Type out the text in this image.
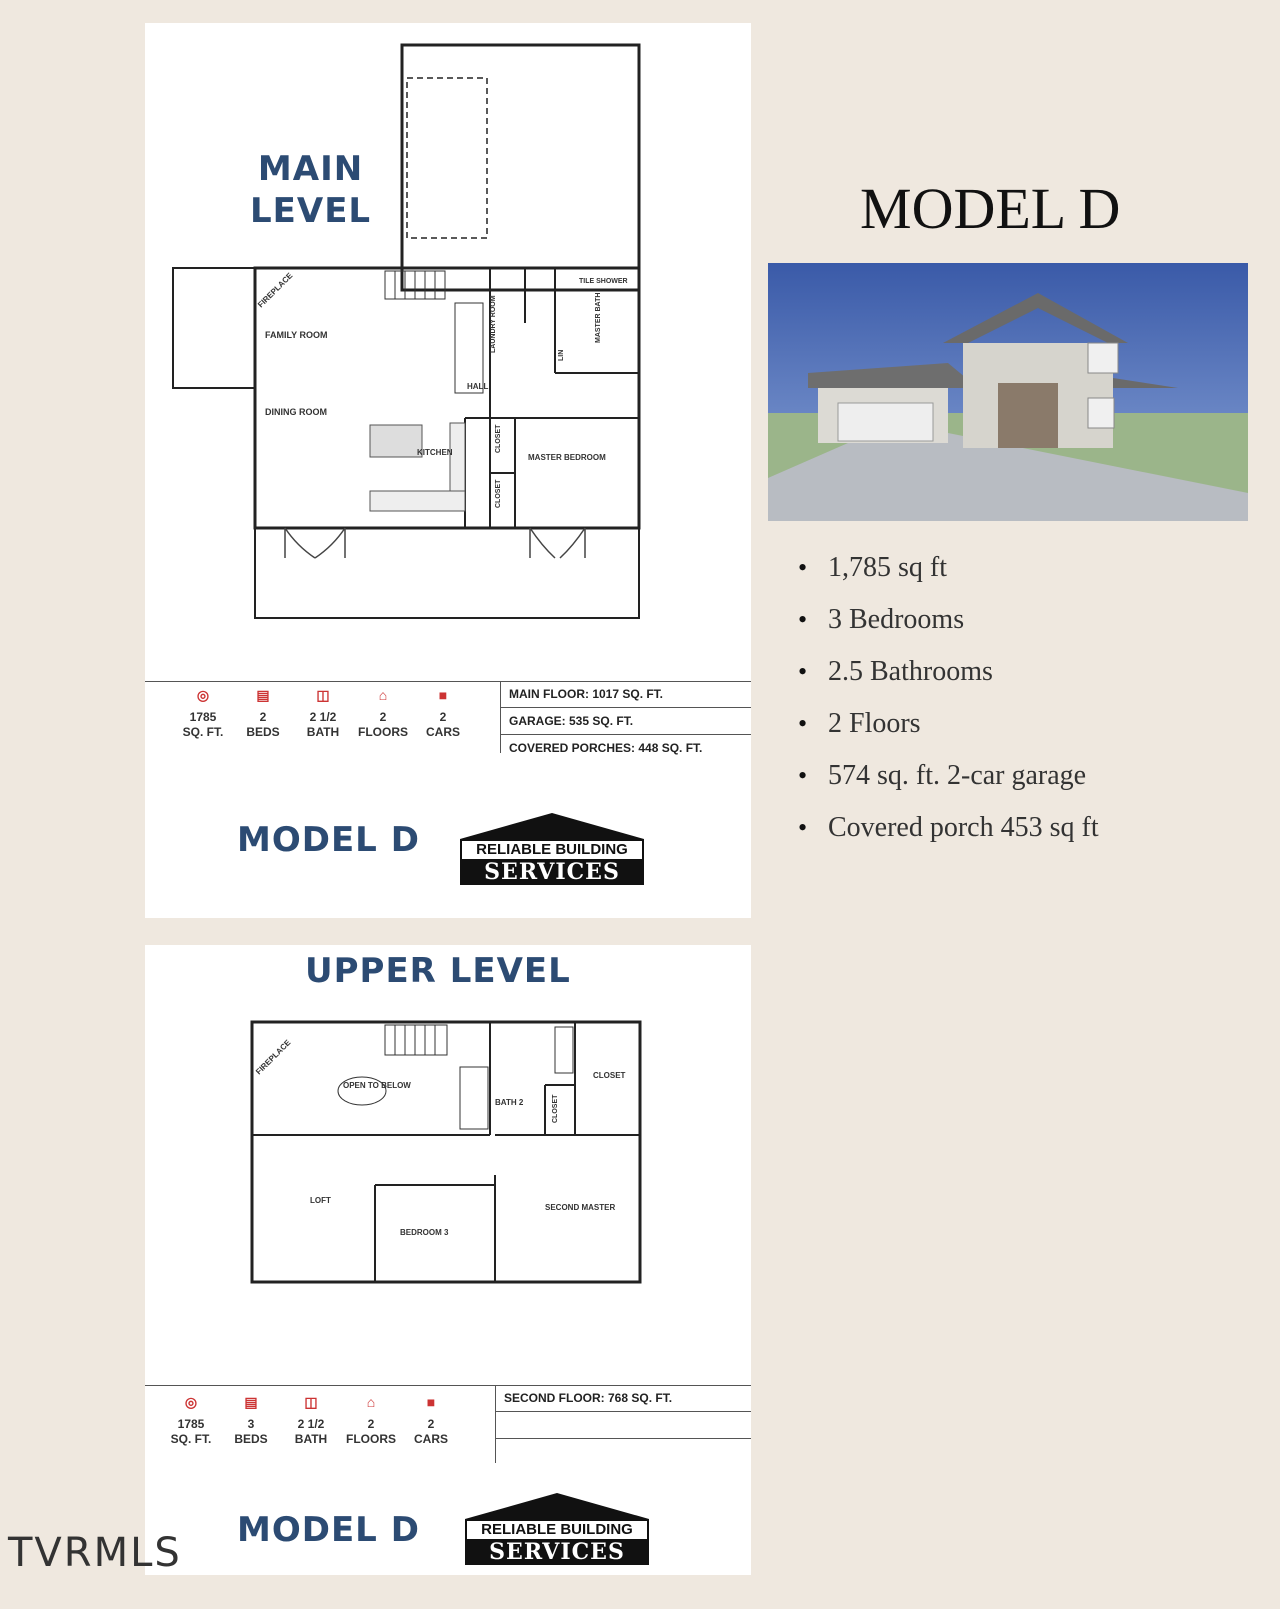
MAIN
LEVEL
FIREPLACE
FAMILY ROOM
DINING ROOM
KITCHEN
LAUNDRY ROOM
HALL
TILE SHOWER
MASTER BATH
LIN
CLOSET
CLOSET
MASTER BEDROOM
◎
1785
SQ. FT.
▤
2
BEDS
◫
2 1/2
BATH
⌂
2
FLOORS
■
2
CARS
MAIN FLOOR: 1017 SQ. FT.
GARAGE: 535 SQ. FT.
COVERED PORCHES: 448 SQ. FT.
MODEL D	RELIABLE BUILDING
SERVICES
UPPER LEVEL
FIREPLACE
OPEN TO BELOW
BATH 2	CLOSET
CLOSET
LOFT
BEDROOM 3
SECOND MASTER
◎
1785
SQ. FT.
▤
3
BEDS
◫
2 1/2
BATH
⌂
2
FLOORS
■
2
CARS
SECOND FLOOR: 768 SQ. FT.
MODEL D	RELIABLE BUILDING
SERVICES
MODEL D
• 1,785 sq ft
• 3 Bedrooms
• 2.5 Bathrooms
• 2 Floors
• 574 sq. ft. 2-car garage
• Covered porch 453 sq ft
TVRMLS
